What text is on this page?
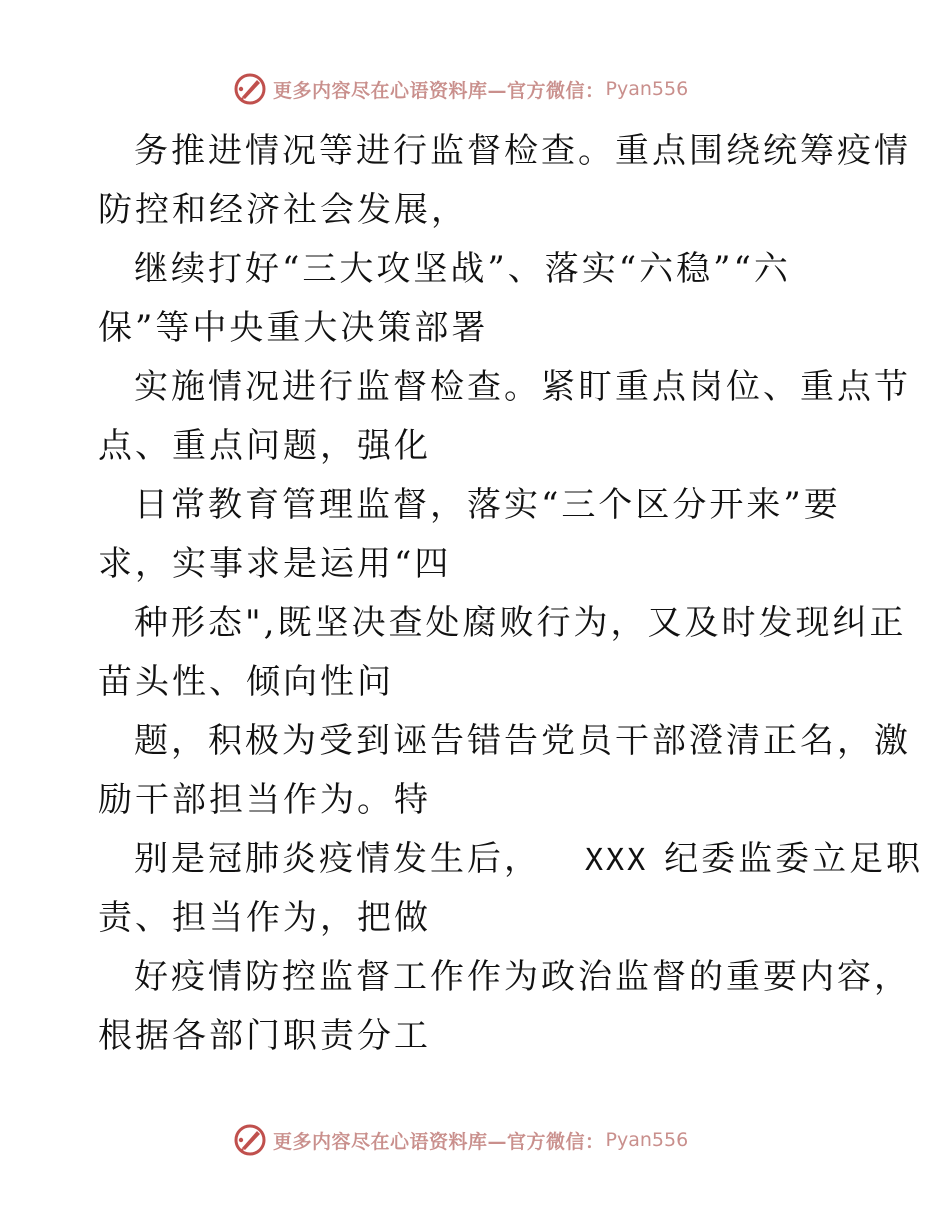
更多内容尽在心语资料库—官方微信： Pyan556
务推进情况等进行监督检查。重点围绕统筹疫情
防控和经济社会发展，
继续打好“三大攻坚战”、落实“六稳”“六
保”等中央重大决策部署
实施情况进行监督检查。紧盯重点岗位、重点节
点、重点问题，强化
日常教育管理监督，落实“三个区分开来”要
求，实事求是运用“四
种形态",既坚决查处腐败行为，又及时发现纠正
苗头性、倾向性问
题，积极为受到诬告错告党员干部澄清正名，激
励干部担当作为。特
别是冠肺炎疫情发生后， XXX 纪委监委立足职
责、担当作为，把做
好疫情防控监督工作作为政治监督的重要内容，
根据各部门职责分工
更多内容尽在心语资料库—官方微信： Pyan556
